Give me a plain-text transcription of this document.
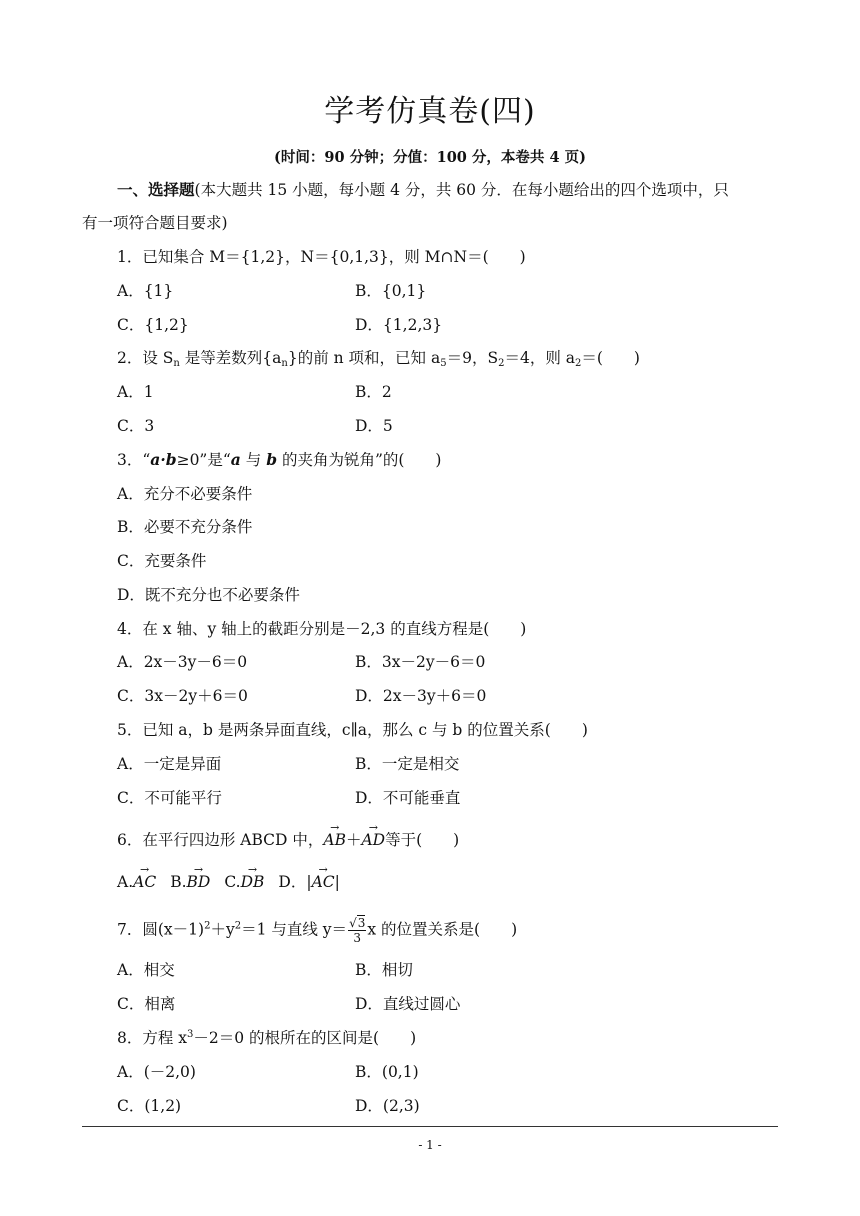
学考仿真卷(四)
(时间：90 分钟；分值：100 分，本卷共 4 页)
一、选择题(本大题共 15 小题，每小题 4 分，共 60 分．在每小题给出的四个选项中，只
有一项符合题目要求)
1．已知集合 M＝{1,2}，N＝{0,1,3}，则 M∩N＝(　　)
A．{1}	B．{0,1}
C．{1,2}	D．{1,2,3}
2．设 $S_n$ 是等差数列$\{a_n\}$的前 n 项和，已知 $a_5=9$，$S_2=4$，则 $a_2=$(　　)
A．1	B．2
C．3	D．5
3．“a·b≥0”是“a 与 b 的夹角为锐角”的(　　)
A．充分不必要条件
B．必要不充分条件
C．充要条件
D．既不充分也不必要条件
4．在 x 轴、y 轴上的截距分别是－2,3 的直线方程是(　　)
A．2x－3y－6＝0	B．3x－2y－6＝0
C．3x－2y＋6＝0	D．2x－3y＋6＝0
5．已知 a，b 是两条异面直线，c∥a，那么 c 与 b 的位置关系(　　)
A．一定是异面	B．一定是相交
C．不可能平行	D．不可能垂直
6．在平行四边形 ABCD 中，→ AB＋→ AD等于(　　)
A.→ AC B.→ BD C.→ DB D．|→ AC|
7．圆$(x-1)^2+y^2=1$ 与直线 $y= \frac{√3}{3}$ x 的位置关系是(　　)
A．相交	B．相切
C．相离	D．直线过圆心
8．方程 $x^3-2=0$ 的根所在的区间是(　　)
A．(－2,0)	B．(0,1)
C．(1,2)	D．(2,3)
- 1 -
